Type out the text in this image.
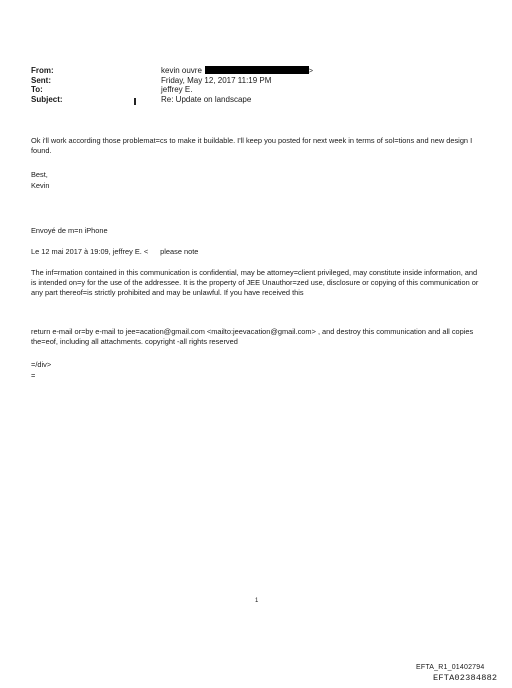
From:	kevin ouvre	>
Sent:	Friday, May 12, 2017 11:19 PM
To:	jeffrey E.
Subject:	Re: Update on landscape
Ok i'll work according those problemat=cs to make it buildable. I'll keep you posted for next week in terms of sol=tions and new design I found.
Best,
Kevin
Envoyé de m=n iPhone
Le 12 mai 2017 à 19:09, jeffrey E. < please note
The inf=rmation contained in this communication is confidential, may be attorney=client privileged, may constitute inside information, and is intended on=y for the use of the addressee. It is the property of JEE Unauthor=zed use, disclosure or copying of this communication or any part thereof=is strictly prohibited and may be unlawful. If you have received this
return e-mail or=by e-mail to jee=acation@gmail.com <mailto:jeevacation@gmail.com> , and destroy this communication and all copies the=eof, including all attachments. copyright -all rights reserved
=/div>
=
1
EFTA_R1_01402794
EFTA02384882
